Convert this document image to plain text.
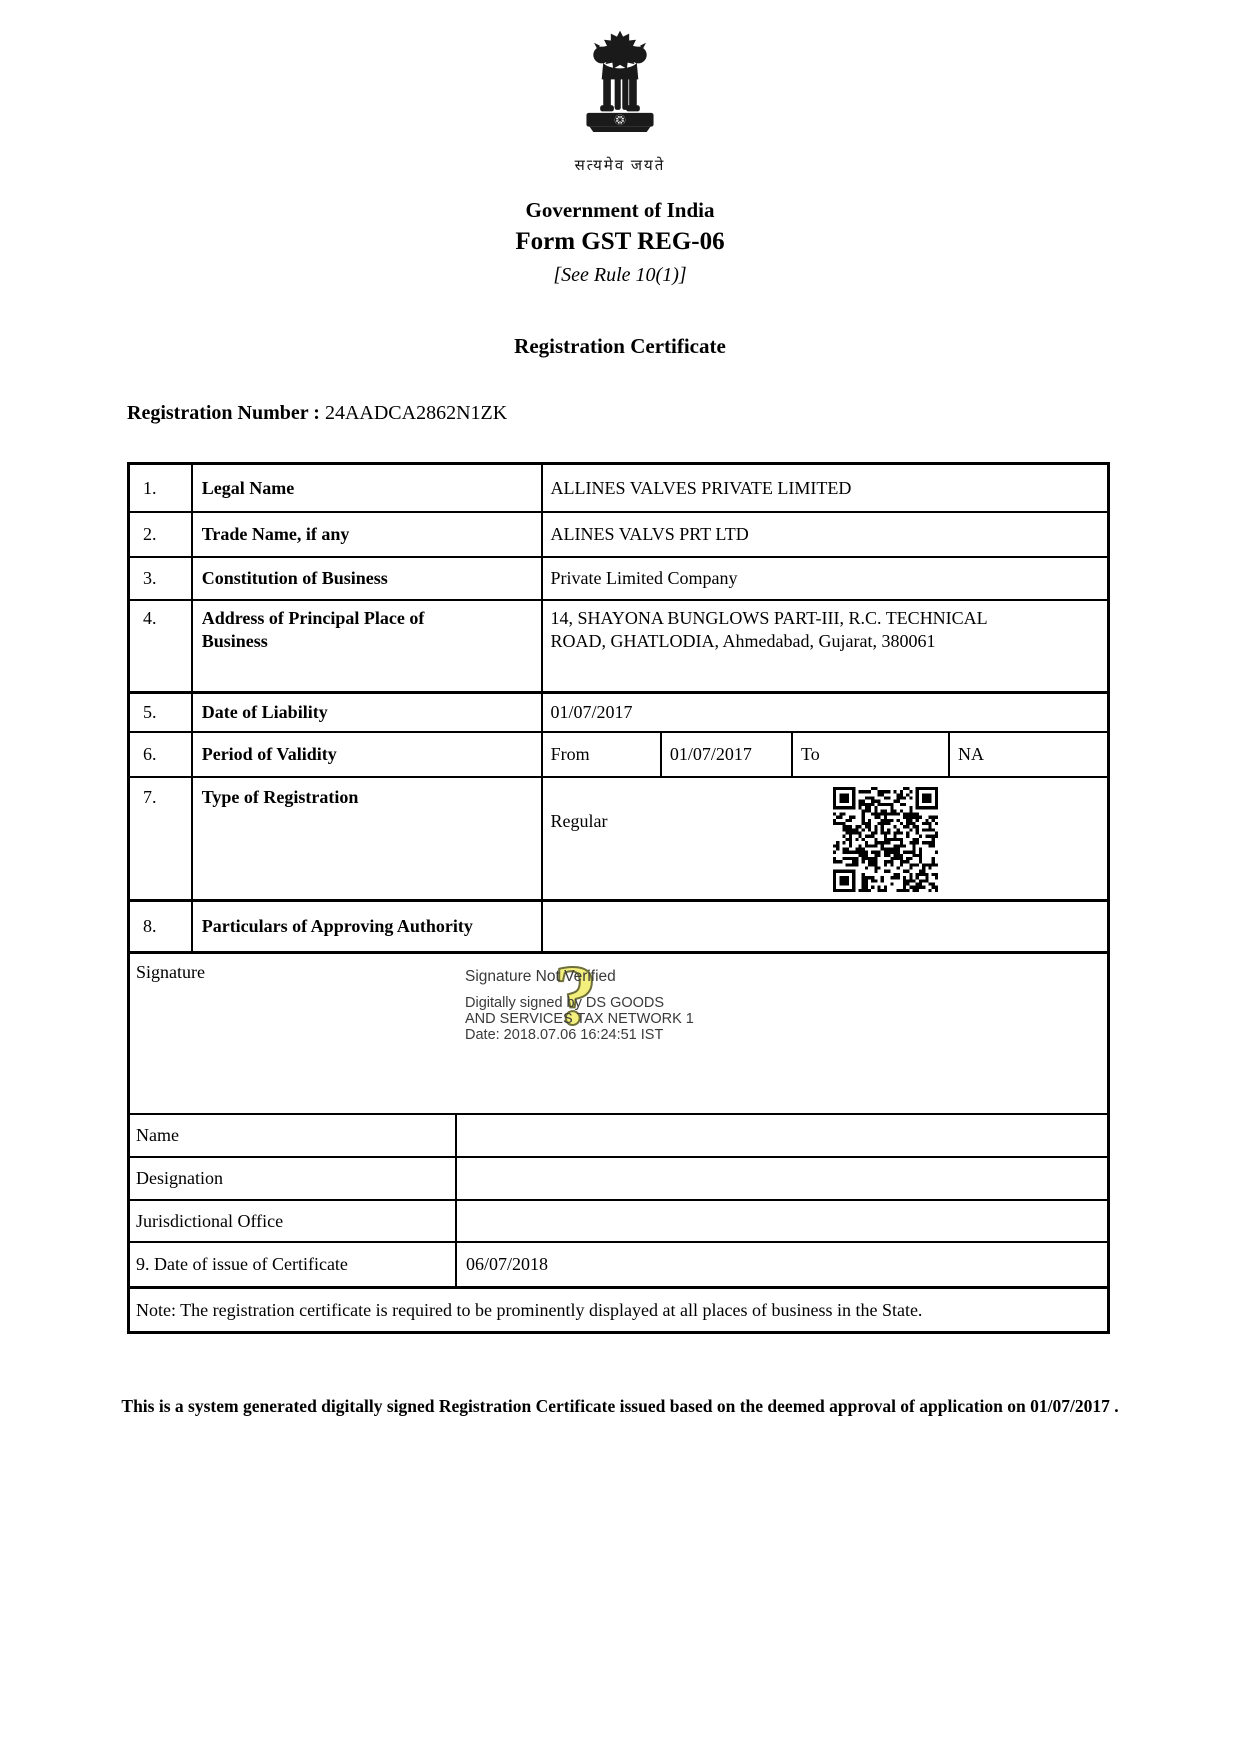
सत्यमेव जयते
Government of India
Form GST REG-06
[See Rule 10(1)]
Registration Certificate
Registration Number : 24AADCA2862N1ZK
1.	Legal Name	ALLINES VALVES PRIVATE LIMITED
2.	Trade Name, if any	ALINES VALVS PRT LTD
3.	Constitution of Business	Private Limited Company
4.	Address of Principal Place of Business
14, SHAYONA BUNGLOWS PART-III, R.C. TECHNICAL ROAD, GHATLODIA, Ahmedabad, Gujarat, 380061
5.	Date of Liability	01/07/2017
6.	Period of Validity	From	01/07/2017	To	NA
7.	Type of Registration
Regular
8.	Particulars of Approving Authority
Signature	?
Signature Not Verified
Digitally signed by DS GOODS
AND SERVICES TAX NETWORK 1
Date: 2018.07.06 16:24:51 IST
Name
Designation
Jurisdictional Office
9. Date of issue of Certificate	06/07/2018
Note: The registration certificate is required to be prominently displayed at all places of business in the State.
This is a system generated digitally signed Registration Certificate issued based on the deemed approval of application on 01/07/2017 .
